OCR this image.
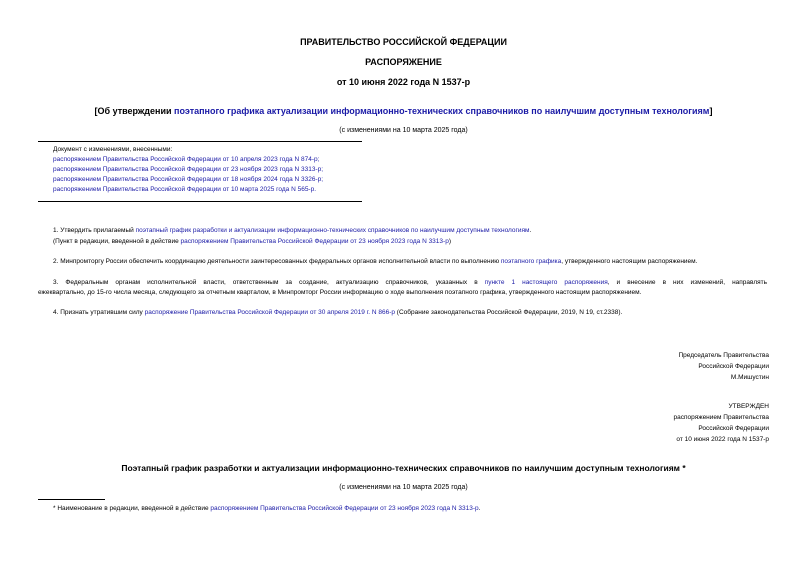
ПРАВИТЕЛЬСТВО РОССИЙСКОЙ ФЕДЕРАЦИИ
РАСПОРЯЖЕНИЕ
от 10 июня 2022 года N 1537-р
[Об утверждении поэтапного графика актуализации информационно-технических справочников по наилучшим доступным технологиям]
(с изменениями на 10 марта 2025 года)
Документ с изменениями, внесенными:
распоряжением Правительства Российской Федерации от 10 апреля 2023 года N 874-р;
распоряжением Правительства Российской Федерации от 23 ноября 2023 года N 3313-р;
распоряжением Правительства Российской Федерации от 18 ноября 2024 года N 3326-р;
распоряжением Правительства Российской Федерации от 10 марта 2025 года N 565-р.
1. Утвердить прилагаемый поэтапный график разработки и актуализации информационно-технических справочников по наилучшим доступным технологиям.
(Пункт в редакции, введенной в действие распоряжением Правительства Российской Федерации от 23 ноября 2023 года N 3313-р)
2. Минпромторгу России обеспечить координацию деятельности заинтересованных федеральных органов исполнительной власти по выполнению поэтапного графика, утвержденного настоящим распоряжением.
3. Федеральным органам исполнительной власти, ответственным за создание, актуализацию справочников, указанных в пункте 1 настоящего распоряжения, и внесение в них изменений, направлять
ежеквартально, до 15-го числа месяца, следующего за отчетным кварталом, в Минпромторг России информацию о ходе выполнения поэтапного графика, утвержденного настоящим распоряжением.
4. Признать утратившим силу распоряжение Правительства Российской Федерации от 30 апреля 2019 г. N 866-р (Собрание законодательства Российской Федерации, 2019, N 19, ст.2338).
Председатель Правительства
Российской Федерации
М.Мишустин
УТВЕРЖДЕН
распоряжением Правительства
Российской Федерации
от 10 июня 2022 года N 1537-р
Поэтапный график разработки и актуализации информационно-технических справочников по наилучшим доступным технологиям *
(с изменениями на 10 марта 2025 года)
* Наименование в редакции, введенной в действие распоряжением Правительства Российской Федерации от 23 ноября 2023 года N 3313-р.
